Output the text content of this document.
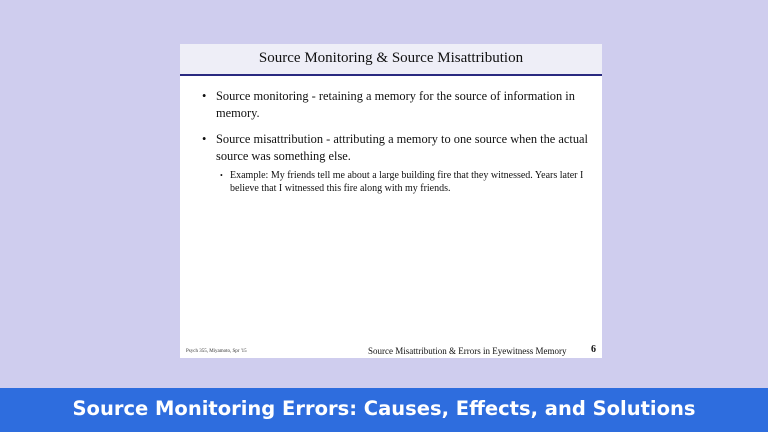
Source Monitoring & Source Misattribution
• Source monitoring - retaining a memory for the source of information in memory.
• Source misattribution - attributing a memory to one source when the actual source was something else.
• Example: My friends tell me about a large building fire that they witnessed. Years later I believe that I witnessed this fire along with my friends.
Psych 355, Miyamoto, Spr '15	Source Misattribution & Errors in Eyewitness Memory 6
Source Monitoring Errors: Causes, Effects, and Solutions
